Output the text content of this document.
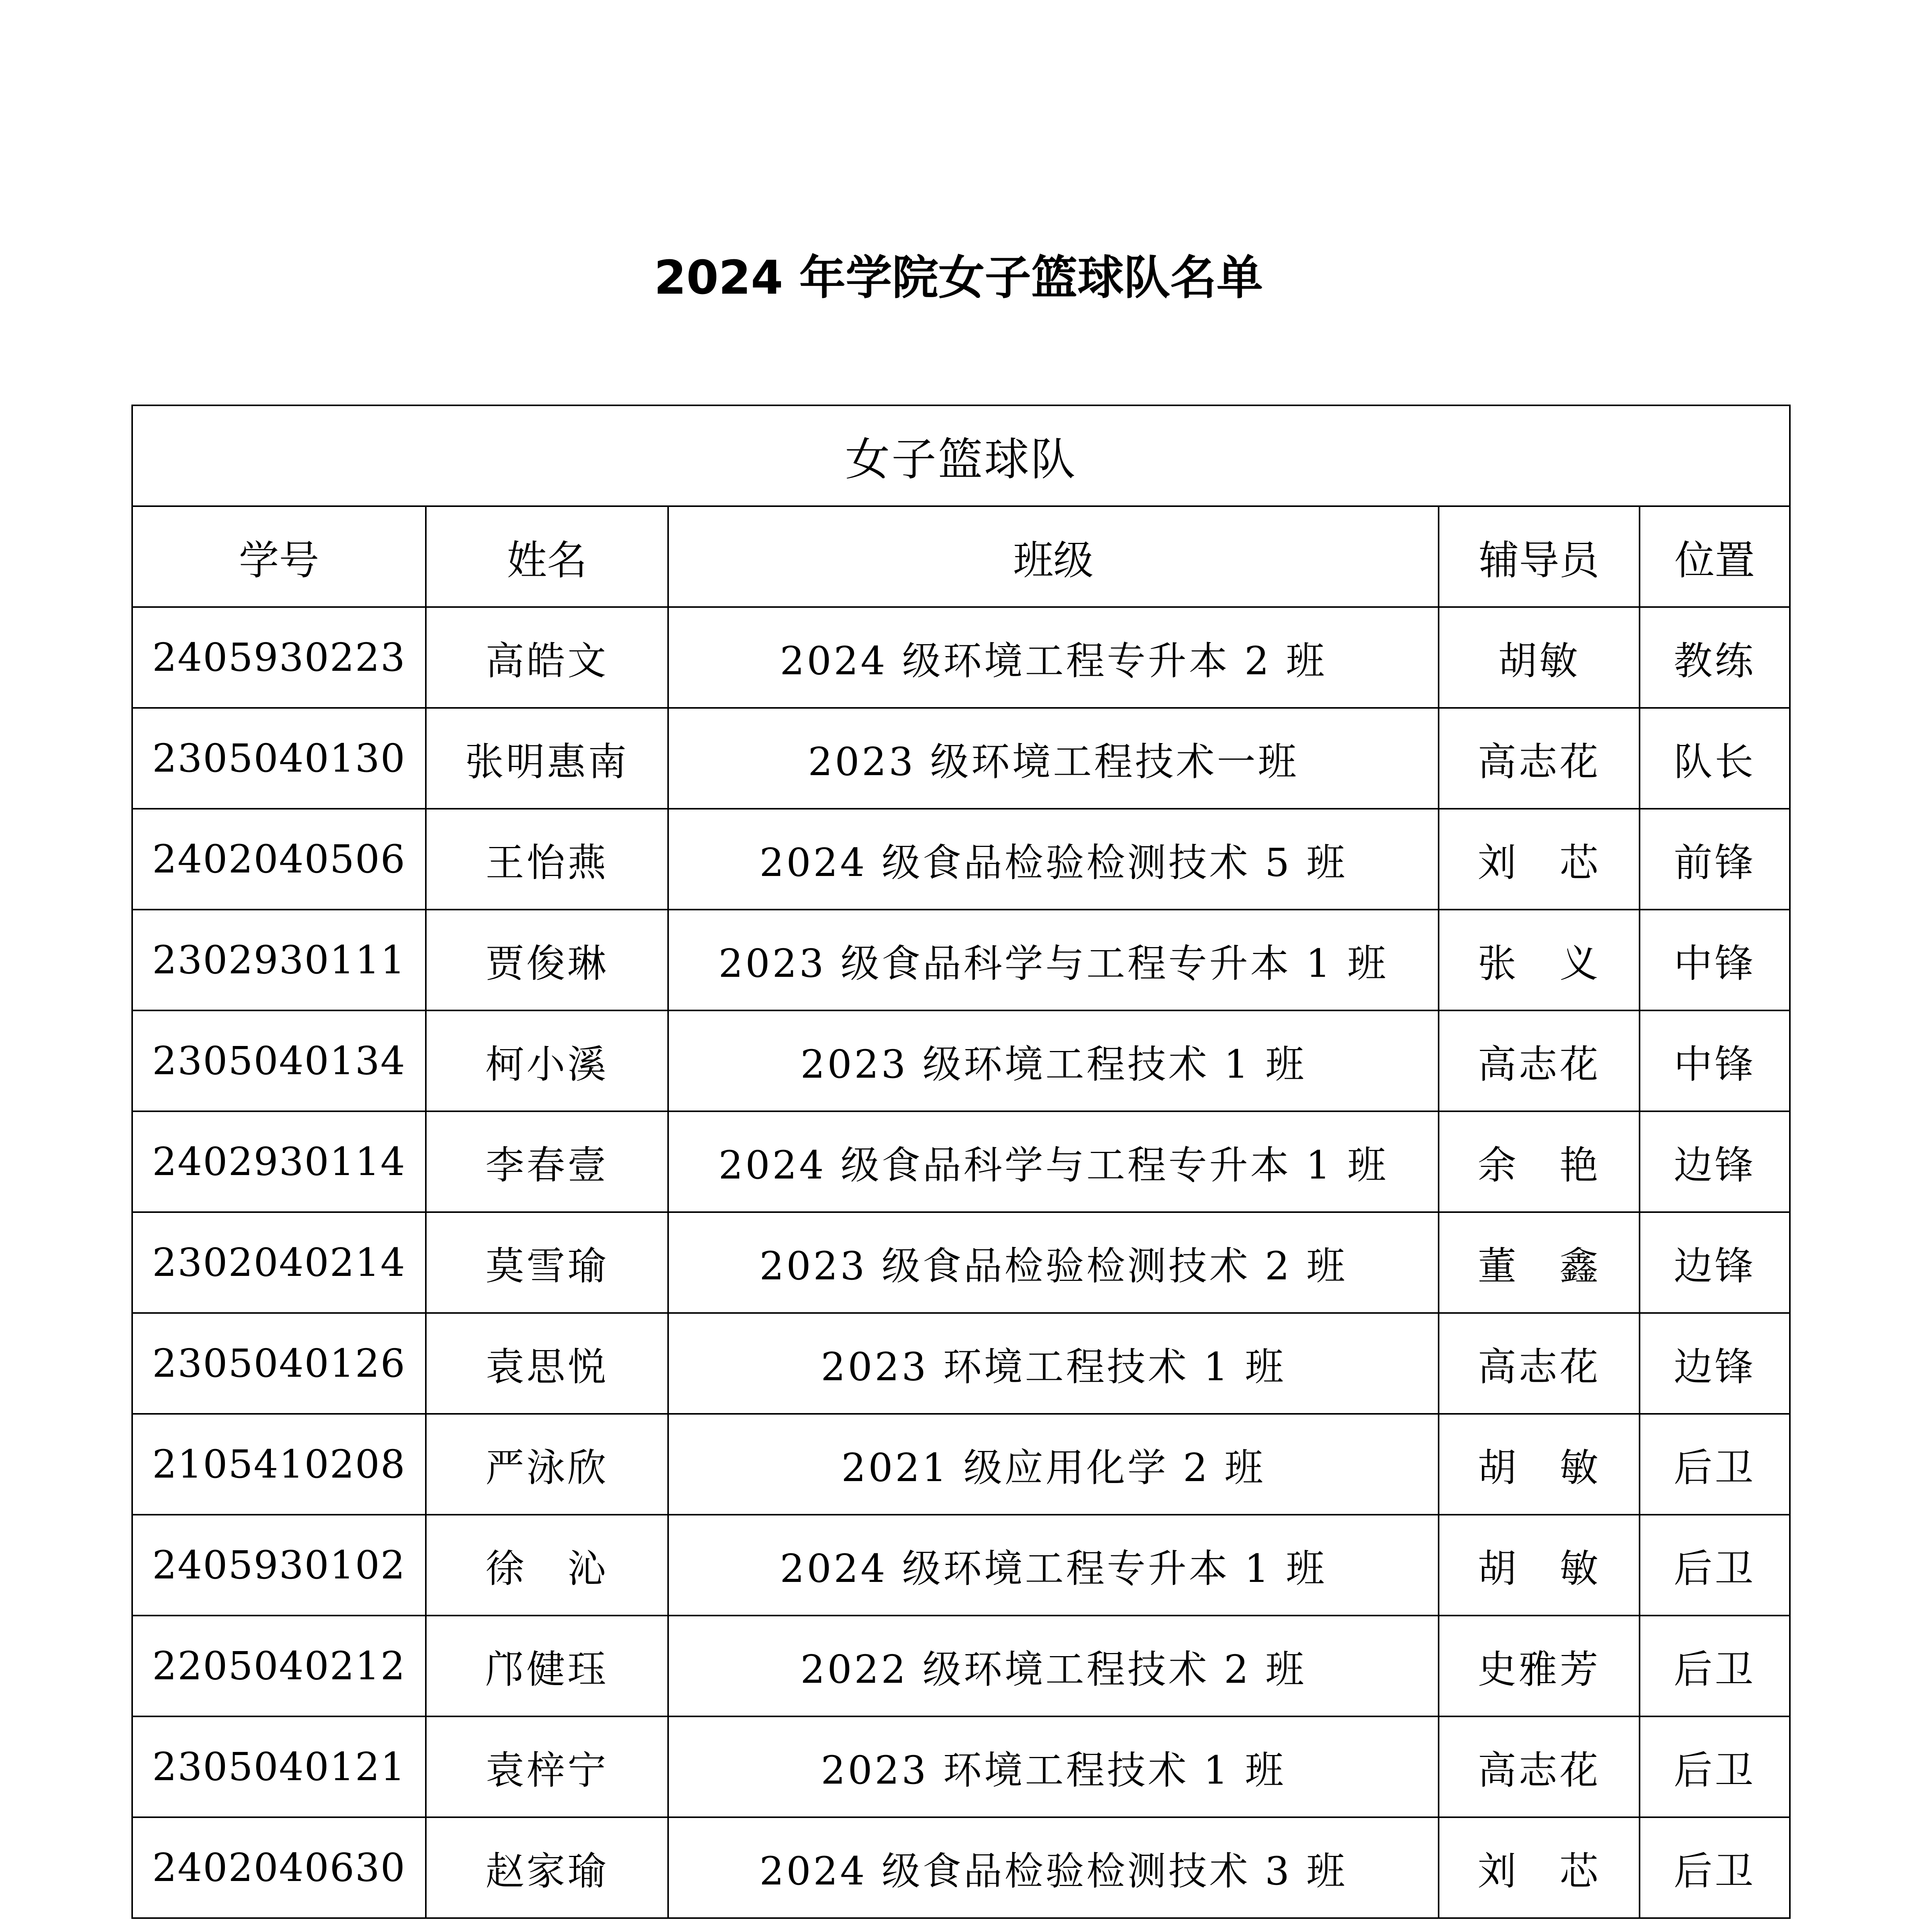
2024 年学院女子篮球队名单
女子篮球队				
学号	姓名	班级	辅导员	位置
2405930223	高皓文	2024 级环境工程专升本 2 班	胡敏	教练
2305040130	张明惠南	2023 级环境工程技术一班	高志花	队长
2402040506	王怡燕	2024 级食品检验检测技术 5 班	刘　芯	前锋
2302930111	贾俊琳	2023 级食品科学与工程专升本 1 班	张　义	中锋
2305040134	柯小溪	2023 级环境工程技术 1 班	高志花	中锋
2402930114	李春壹	2024 级食品科学与工程专升本 1 班	余　艳	边锋
2302040214	莫雪瑜	2023 级食品检验检测技术 2 班	董　鑫	边锋
2305040126	袁思悦	2023 环境工程技术 1 班	高志花	边锋
2105410208	严泳欣	2021 级应用化学 2 班	胡　敏	后卫
2405930102	徐　沁	2024 级环境工程专升本 1 班	胡　敏	后卫
2205040212	邝健珏	2022 级环境工程技术 2 班	史雅芳	后卫
2305040121	袁梓宁	2023 环境工程技术 1 班	高志花	后卫
2402040630	赵家瑜	2024 级食品检验检测技术 3 班	刘　芯	后卫
